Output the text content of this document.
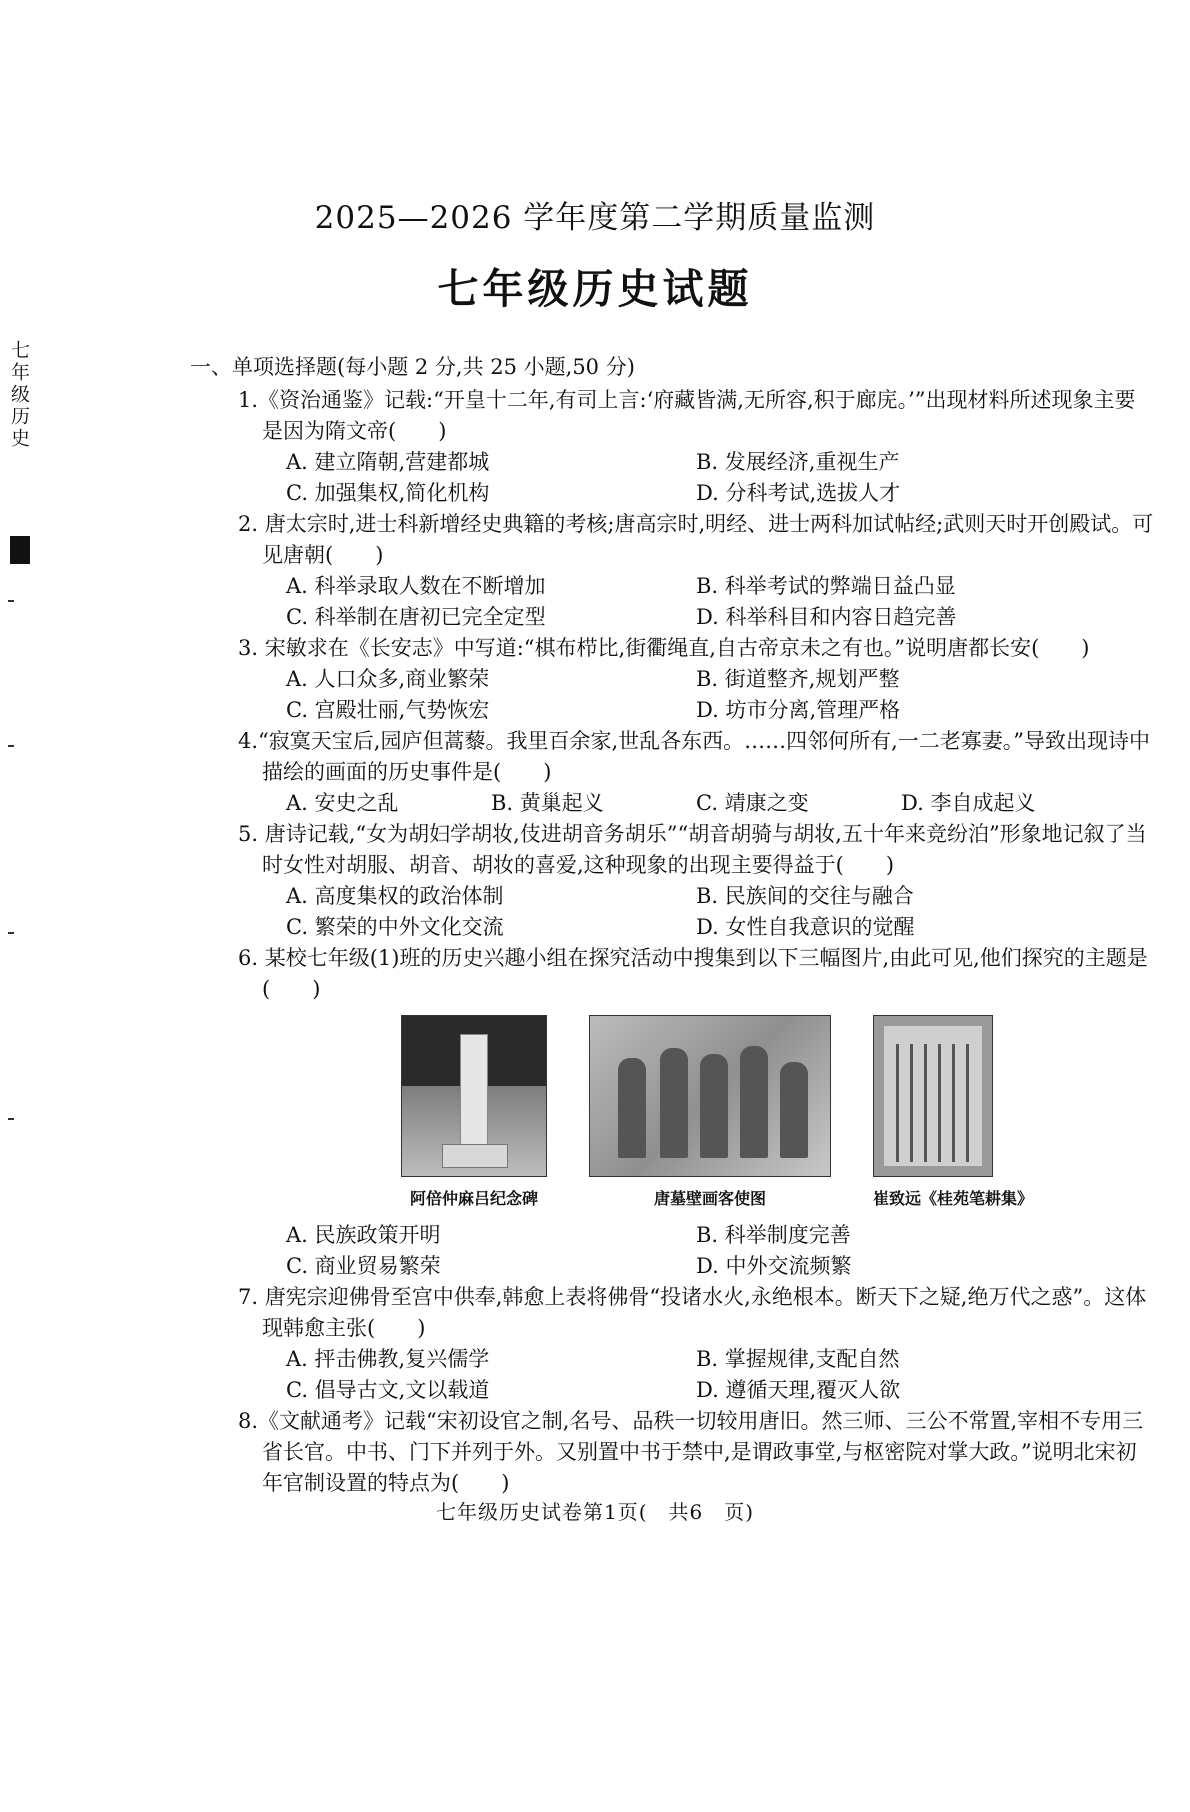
七年级历史
2025—2026 学年度第二学期质量监测
七年级历史试题
一、单项选择题(每小题 2 分,共 25 小题,50 分)
1.《资治通鉴》记载:“开皇十二年,有司上言:‘府藏皆满,无所容,积于廊庑。’”出现材料所述现象主要是因为隋文帝(　　)
A. 建立隋朝,营建都城	B. 发展经济,重视生产
C. 加强集权,简化机构	D. 分科考试,选拔人才
2. 唐太宗时,进士科新增经史典籍的考核;唐高宗时,明经、进士两科加试帖经;武则天时开创殿试。可见唐朝(　　)
A. 科举录取人数在不断增加	B. 科举考试的弊端日益凸显
C. 科举制在唐初已完全定型	D. 科举科目和内容日趋完善
3. 宋敏求在《长安志》中写道:“棋布栉比,街衢绳直,自古帝京未之有也。”说明唐都长安(　　)
A. 人口众多,商业繁荣	B. 街道整齐,规划严整
C. 宫殿壮丽,气势恢宏	D. 坊市分离,管理严格
4.“寂寞天宝后,园庐但蒿藜。我里百余家,世乱各东西。……四邻何所有,一二老寡妻。”导致出现诗中描绘的画面的历史事件是(　　)
A. 安史之乱	B. 黄巢起义	C. 靖康之变	D. 李自成起义
5. 唐诗记载,“女为胡妇学胡妆,伎进胡音务胡乐”“胡音胡骑与胡妆,五十年来竞纷泊”形象地记叙了当时女性对胡服、胡音、胡妆的喜爱,这种现象的出现主要得益于(　　)
A. 高度集权的政治体制	B. 民族间的交往与融合
C. 繁荣的中外文化交流	D. 女性自我意识的觉醒
6. 某校七年级(1)班的历史兴趣小组在探究活动中搜集到以下三幅图片,由此可见,他们探究的主题是(　　)
阿倍仲麻吕纪念碑	唐墓壁画客使图	崔致远《桂苑笔耕集》
A. 民族政策开明	B. 科举制度完善
C. 商业贸易繁荣	D. 中外交流频繁
7. 唐宪宗迎佛骨至宫中供奉,韩愈上表将佛骨“投诸水火,永绝根本。断天下之疑,绝万代之惑”。这体现韩愈主张(　　)
A. 抨击佛教,复兴儒学	B. 掌握规律,支配自然
C. 倡导古文,文以载道	D. 遵循天理,覆灭人欲
8.《文献通考》记载“宋初设官之制,名号、品秩一切较用唐旧。然三师、三公不常置,宰相不专用三省长官。中书、门下并列于外。又别置中书于禁中,是谓政事堂,与枢密院对掌大政。”说明北宋初年官制设置的特点为(　　)
七年级历史试卷第1页(　共6　页)
